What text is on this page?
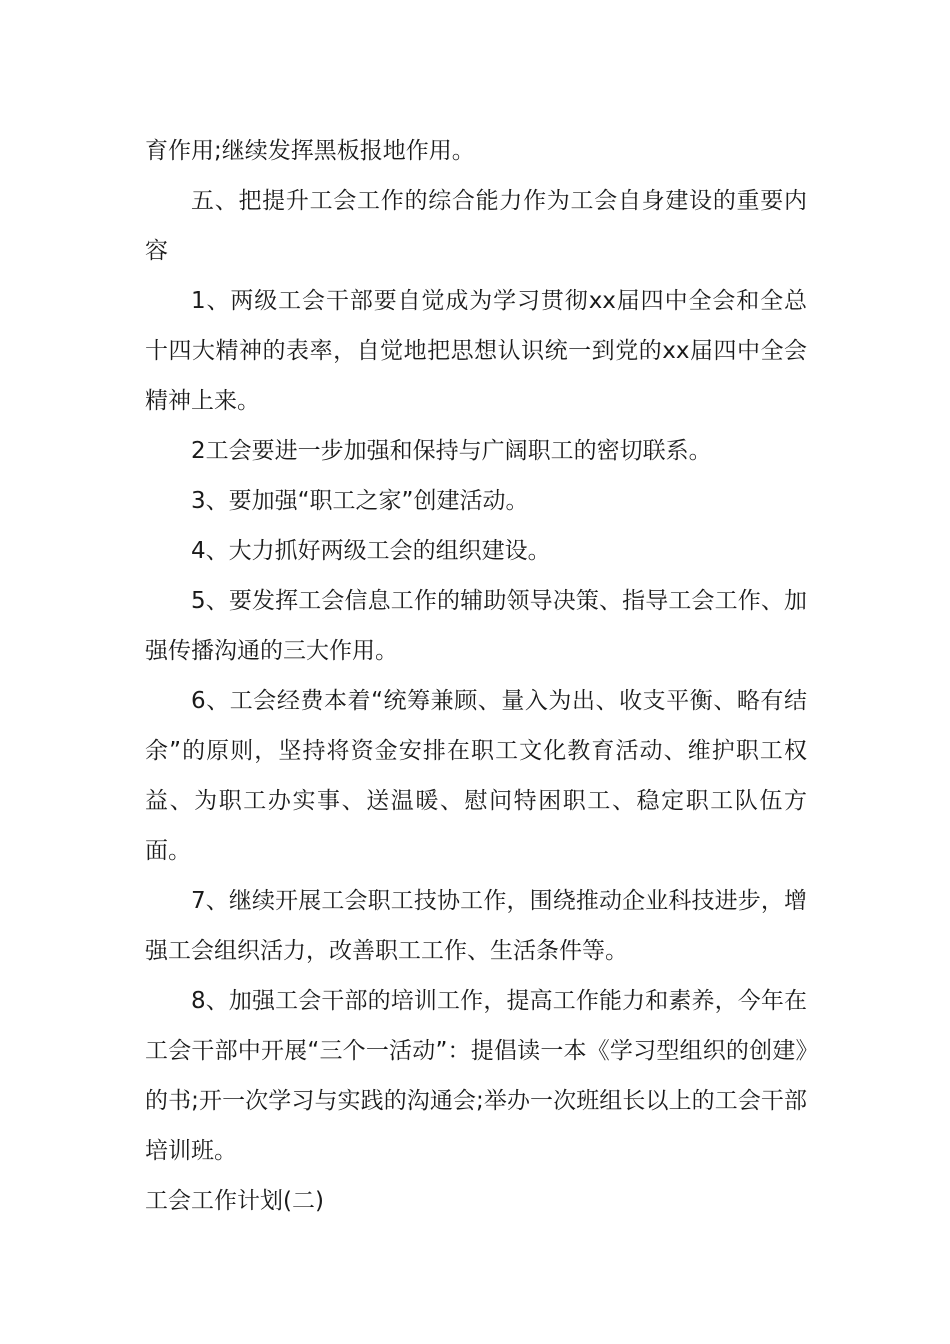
育作用;继续发挥黑板报地作用。

五、把提升工会工作的综合能力作为工会自身建设的重要内容

1、两级工会干部要自觉成为学习贯彻xx届四中全会和全总十四大精神的表率，自觉地把思想认识统一到党的xx届四中全会精神上来。

2工会要进一步加强和保持与广阔职工的密切联系。

3、要加强“职工之家”创建活动。

4、大力抓好两级工会的组织建设。

5、要发挥工会信息工作的辅助领导决策、指导工会工作、加强传播沟通的三大作用。

6、工会经费本着“统筹兼顾、量入为出、收支平衡、略有结余”的原则，坚持将资金安排在职工文化教育活动、维护职工权益、为职工办实事、送温暖、慰问特困职工、稳定职工队伍方面。

7、继续开展工会职工技协工作，围绕推动企业科技进步，增强工会组织活力，改善职工工作、生活条件等。

8、加强工会干部的培训工作，提高工作能力和素养，今年在工会干部中开展“三个一活动”：提倡读一本《学习型组织的创建》的书;开一次学习与实践的沟通会;举办一次班组长以上的工会干部培训班。

工会工作计划(二)
